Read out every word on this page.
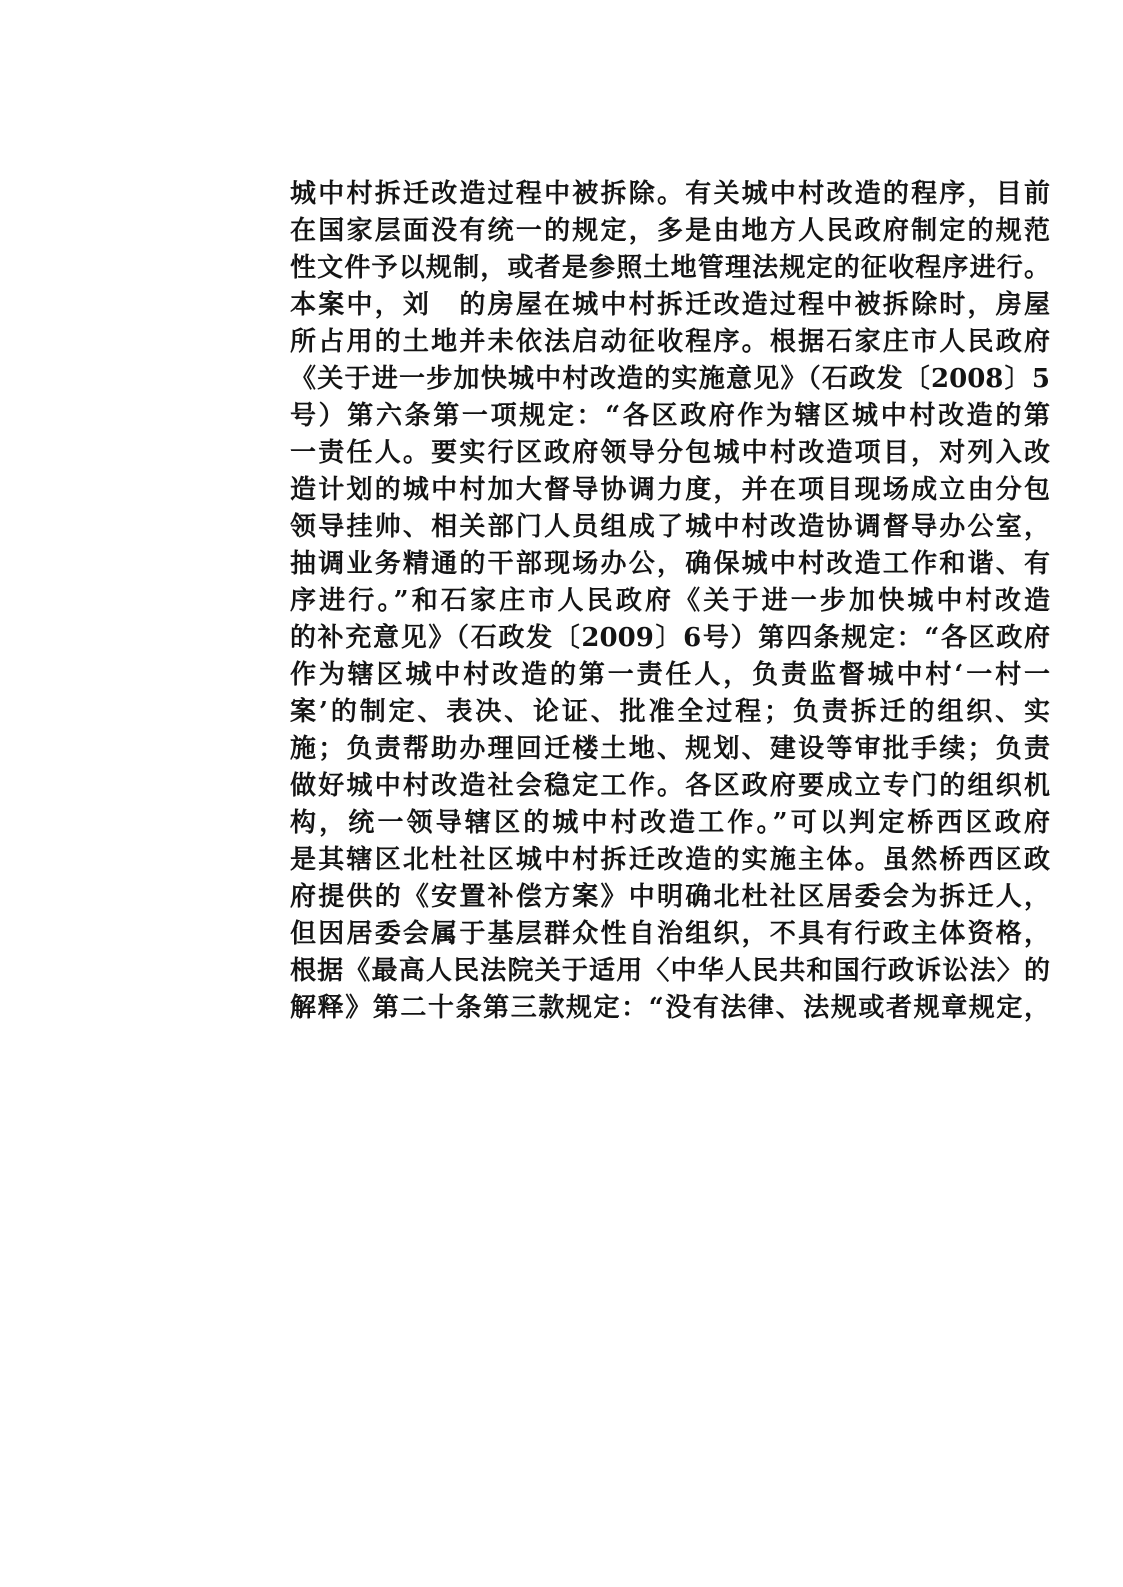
城中村拆迁改造过程中被拆除。有关城中村改造的程序，目前
在国家层面没有统一的规定，多是由地方人民政府制定的规范
性文件予以规制，或者是参照土地管理法规定的征收程序进行。
本案中，刘　的房屋在城中村拆迁改造过程中被拆除时，房屋
所占用的土地并未依法启动征收程序。根据石家庄市人民政府
《关于进一步加快城中村改造的实施意见》（石政发〔2008〕5
号）第六条第一项规定：“各区政府作为辖区城中村改造的第
一责任人。要实行区政府领导分包城中村改造项目，对列入改
造计划的城中村加大督导协调力度，并在项目现场成立由分包
领导挂帅、相关部门人员组成了城中村改造协调督导办公室，
抽调业务精通的干部现场办公，确保城中村改造工作和谐、有
序进行。”和石家庄市人民政府《关于进一步加快城中村改造
的补充意见》（石政发〔2009〕6号）第四条规定：“各区政府
作为辖区城中村改造的第一责任人，负责监督城中村‘一村一
案’的制定、表决、论证、批准全过程；负责拆迁的组织、实
施；负责帮助办理回迁楼土地、规划、建设等审批手续；负责
做好城中村改造社会稳定工作。各区政府要成立专门的组织机
构，统一领导辖区的城中村改造工作。”可以判定桥西区政府
是其辖区北杜社区城中村拆迁改造的实施主体。虽然桥西区政
府提供的《安置补偿方案》中明确北杜社区居委会为拆迁人，
但因居委会属于基层群众性自治组织，不具有行政主体资格，
根据《最高人民法院关于适用〈中华人民共和国行政诉讼法〉的
解释》第二十条第三款规定：“没有法律、法规或者规章规定，
